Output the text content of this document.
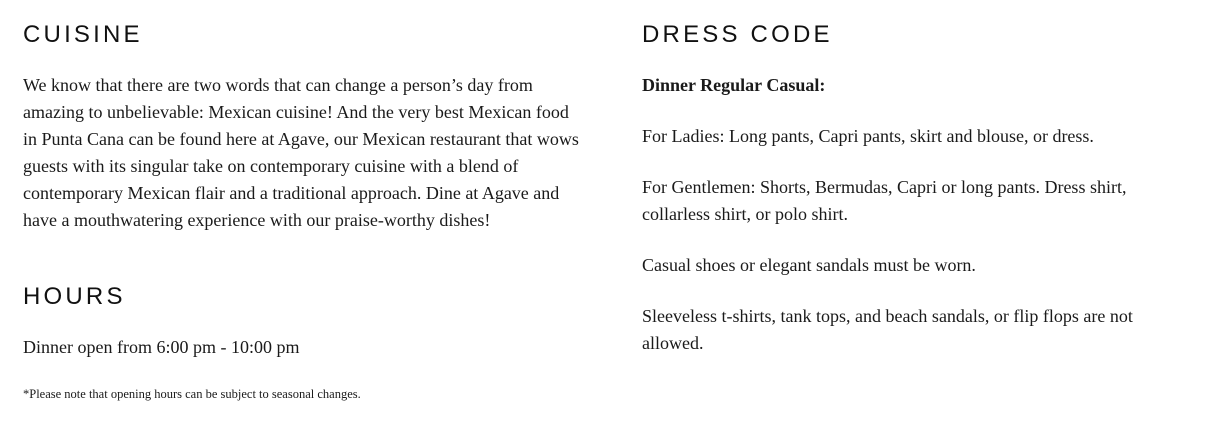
CUISINE

We know that there are two words that can change a person’s day from amazing to unbelievable: Mexican cuisine! And the very best Mexican food in Punta Cana can be found here at Agave, our Mexican restaurant that wows guests with its singular take on contemporary cuisine with a blend of contemporary Mexican flair and a traditional approach. Dine at Agave and have a mouthwatering experience with our praise-worthy dishes!

HOURS

Dinner open from 6:00 pm - 10:00 pm

*Please note that opening hours can be subject to seasonal changes.

DRESS CODE

Dinner Regular Casual:

For Ladies: Long pants, Capri pants, skirt and blouse, or dress.

For Gentlemen: Shorts, Bermudas, Capri or long pants. Dress shirt, collarless shirt, or polo shirt.

Casual shoes or elegant sandals must be worn.

Sleeveless t-shirts, tank tops, and beach sandals, or flip flops are not allowed.
